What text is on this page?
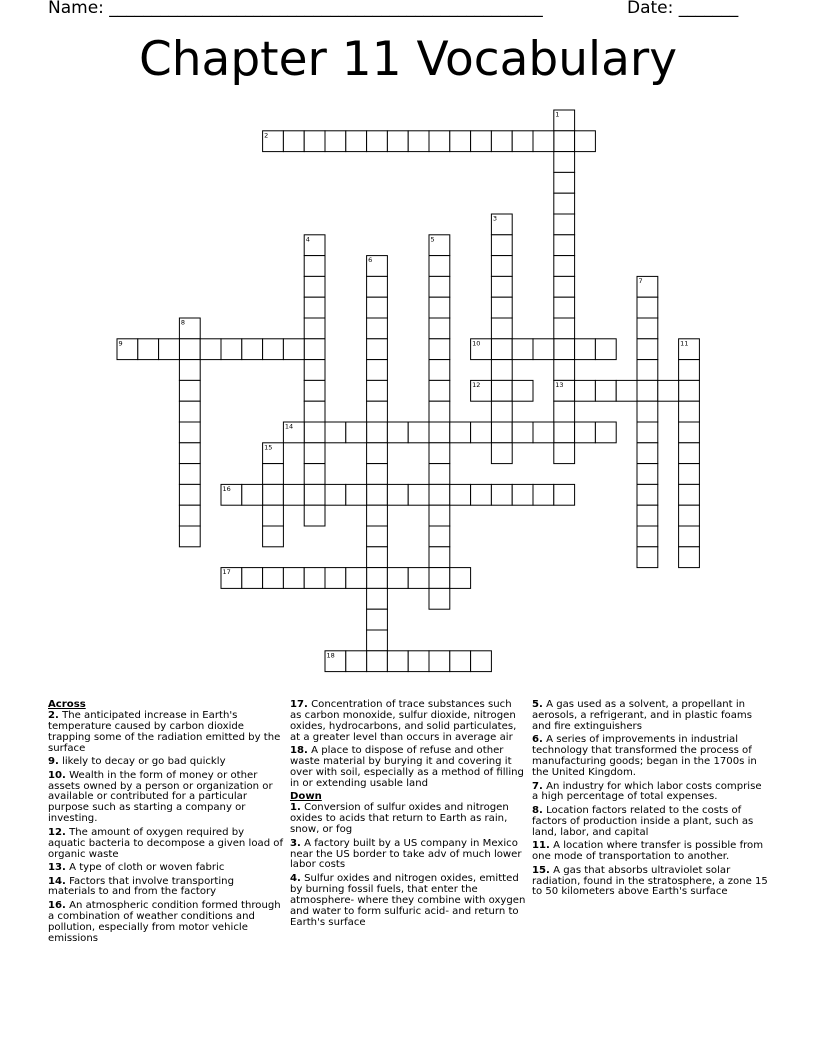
Name: ___________________________________________________	Date: _______
Chapter 11 Vocabulary
1
13
2
3
4	5
6
7
8
9	10	11
12
14
15
16
17
18
Across
2. The anticipated increase in Earth's temperature caused by carbon dioxide trapping some of the radiation emitted by the surface
9. likely to decay or go bad quickly
10. Wealth in the form of money or other assets owned by a person or organization or available or contributed for a particular purpose such as starting a company or investing.
12. The amount of oxygen required by aquatic bacteria to decompose a given load of organic waste
13. A type of cloth or woven fabric
14. Factors that involve transporting materials to and from the factory
16. An atmospheric condition formed through a combination of weather conditions and pollution, especially from motor vehicle emissions
17. Concentration of trace substances such as carbon monoxide, sulfur dioxide, nitrogen oxides, hydrocarbons, and solid particulates, at a greater level than occurs in average air
18. A place to dispose of refuse and other waste material by burying it and covering it over with soil, especially as a method of filling in or extending usable land
Down
1. Conversion of sulfur oxides and nitrogen oxides to acids that return to Earth as rain, snow, or fog
3. A factory built by a US company in Mexico near the US border to take adv of much lower labor costs
4. Sulfur oxides and nitrogen oxides, emitted by burning fossil fuels, that enter the atmosphere- where they combine with oxygen and water to form sulfuric acid- and return to Earth's surface
5. A gas used as a solvent, a propellant in aerosols, a refrigerant, and in plastic foams and fire extinguishers
6. A series of improvements in industrial technology that transformed the process of manufacturing goods; began in the 1700s in the United Kingdom.
7. An industry for which labor costs comprise a high percentage of total expenses.
8. Location factors related to the costs of factors of production inside a plant, such as land, labor, and capital
11. A location where transfer is possible from one mode of transportation to another.
15. A gas that absorbs ultraviolet solar radiation, found in the stratosphere, a zone 15 to 50 kilometers above Earth's surface
